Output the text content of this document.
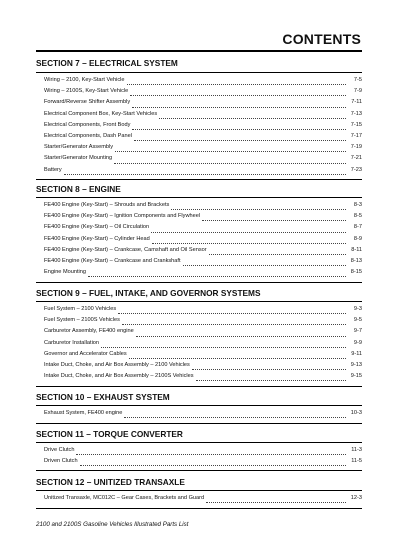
CONTENTS
SECTION 7 – ELECTRICAL SYSTEM
Wiring – 2100, Key-Start Vehicle	7-5
Wiring – 2100S, Key-Start Vehicle	7-9
Forward/Reverse Shifter Assembly	7-11
Electrical Component Box, Key-Start Vehicles	7-13
Electrical Components, Front Body	7-15
Electrical Components, Dash Panel	7-17
Starter/Generator Assembly	7-19
Starter/Generator Mounting	7-21
Battery	7-23
SECTION 8 – ENGINE
FE400 Engine (Key-Start) – Shrouds and Brackets	8-3
FE400 Engine (Key-Start) – Ignition Components and Flywheel	8-5
FE400 Engine (Key-Start) – Oil Circulation	8-7
FE400 Engine (Key-Start) – Cylinder Head	8-9
FE400 Engine (Key-Start) – Crankcase, Camshaft and Oil Sensor	8-11
FE400 Engine (Key-Start) – Crankcase and Crankshaft	8-13
Engine Mounting	8-15
SECTION 9 – FUEL, INTAKE, AND GOVERNOR SYSTEMS
Fuel System – 2100 Vehicles	9-3
Fuel System – 2100S Vehicles	9-5
Carburetor Assembly, FE400 engine	9-7
Carburetor Installation	9-9
Governor and Accelerator Cables	9-11
Intake Duct, Choke, and Air Box Assembly – 2100 Vehicles	9-13
Intake Duct, Choke, and Air Box Assembly – 2100S Vehicles	9-15
SECTION 10 – EXHAUST SYSTEM
Exhaust System, FE400 engine	10-3
SECTION 11 – TORQUE CONVERTER
Drive Clutch	11-3
Driven Clutch	11-5
SECTION 12 – UNITIZED TRANSAXLE
Unitized Transaxle, MC012C – Gear Cases, Brackets and Guard	12-3
2100 and 2100S Gasoline Vehicles Illustrated Parts List
